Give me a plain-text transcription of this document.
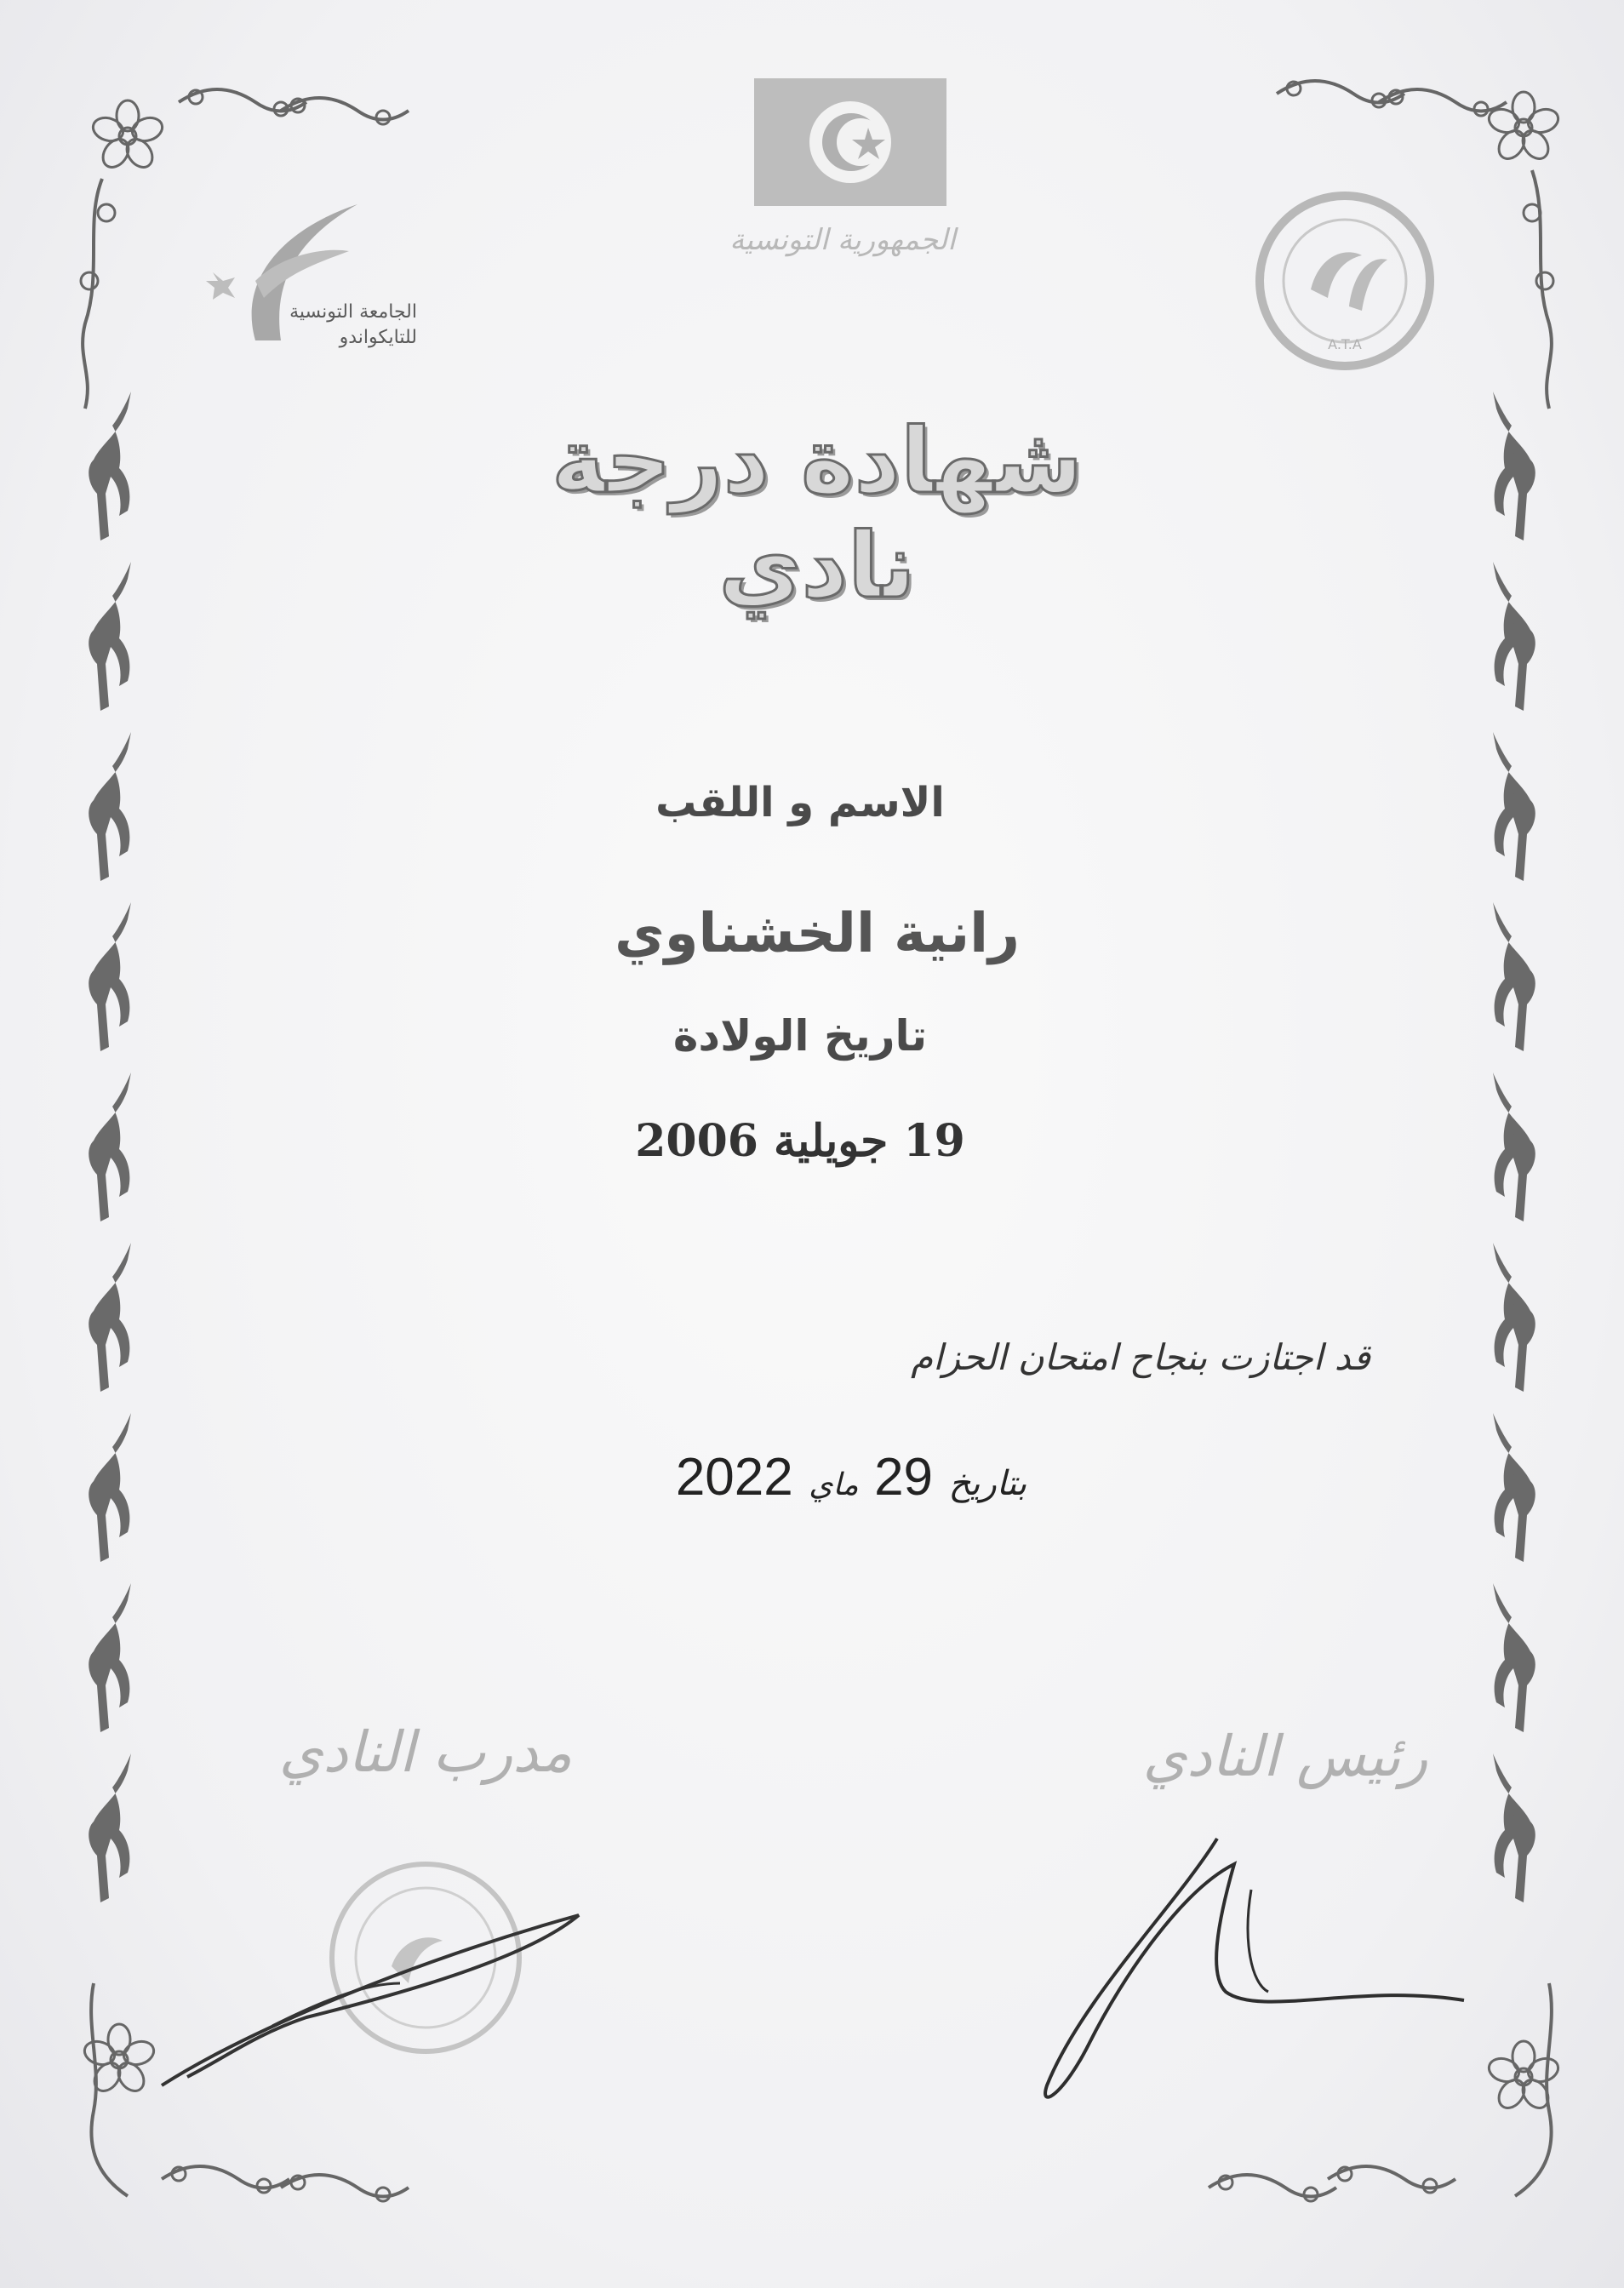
A.T.A
الجامعة التونسية للتايكواندو
الجمهورية التونسية
شهادة درجة نادي
الاسم و اللقب
رانية الخشناوي
تاريخ الولادة
19 جويلية 2006
قد اجتازت بنجاح امتحان الحزام
بتاريخ 29 ماي 2022
مدرب النادي	رئيس النادي
